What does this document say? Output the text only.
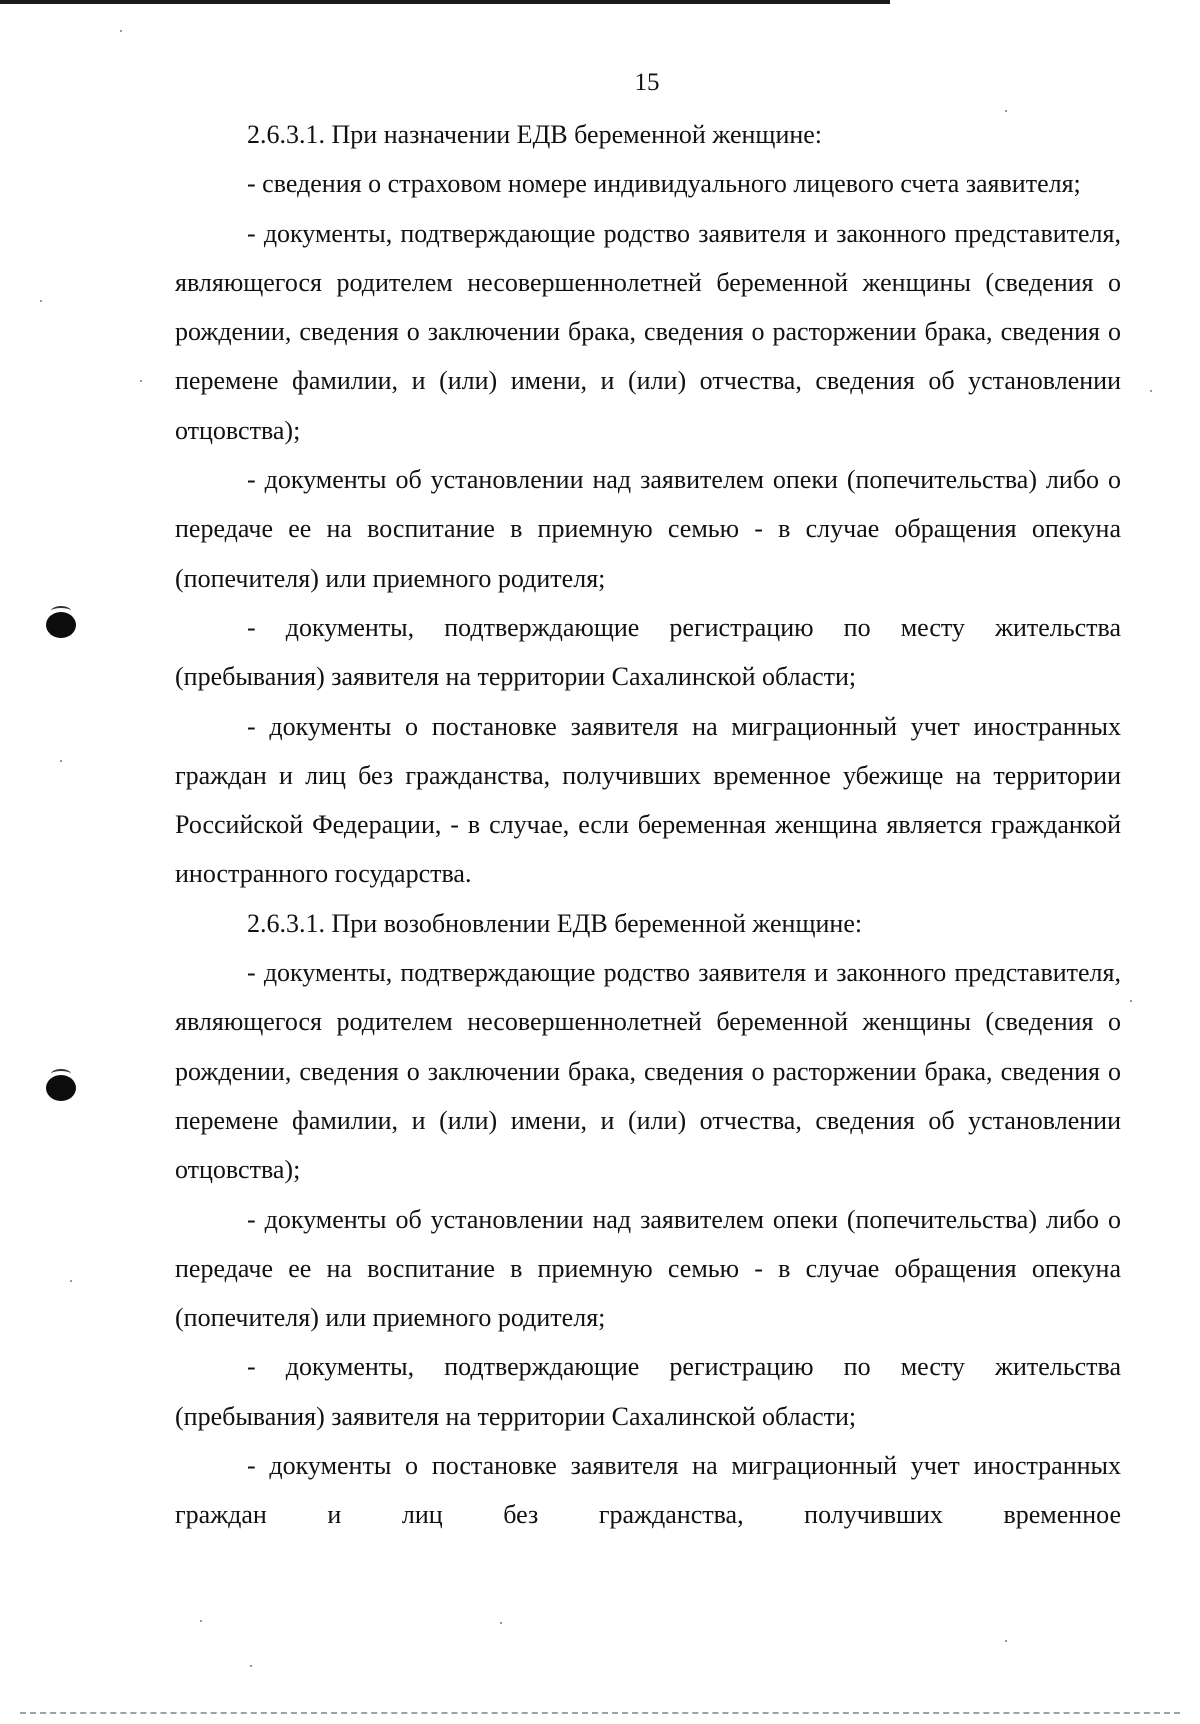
15

2.6.3.1. При назначении ЕДВ беременной женщине:

- сведения о страховом номере индивидуального лицевого счета заявителя;

- документы, подтверждающие родство заявителя и законного представителя, являющегося родителем несовершеннолетней беременной женщины (сведения о рождении, сведения о заключении брака, сведения о расторжении брака, сведения о перемене фамилии, и (или) имени, и (или) отчества, сведения об установлении отцовства);

- документы об установлении над заявителем опеки (попечительства) либо о передаче ее на воспитание в приемную семью - в случае обращения опекуна (попечителя) или приемного родителя;

- документы, подтверждающие регистрацию по месту жительства (пребывания) заявителя на территории Сахалинской области;

- документы о постановке заявителя на миграционный учет иностранных граждан и лиц без гражданства, получивших временное убежище на территории Российской Федерации, - в случае, если беременная женщина является гражданкой иностранного государства.

2.6.3.1. При возобновлении ЕДВ беременной женщине:

- документы, подтверждающие родство заявителя и законного представителя, являющегося родителем несовершеннолетней беременной женщины (сведения о рождении, сведения о заключении брака, сведения о расторжении брака, сведения о перемене фамилии, и (или) имени, и (или) отчества, сведения об установлении отцовства);

- документы об установлении над заявителем опеки (попечительства) либо о передаче ее на воспитание в приемную семью - в случае обращения опекуна (попечителя) или приемного родителя;

- документы, подтверждающие регистрацию по месту жительства (пребывания) заявителя на территории Сахалинской области;

- документы о постановке заявителя на миграционный учет иностранных граждан и лиц без гражданства, получивших временное
